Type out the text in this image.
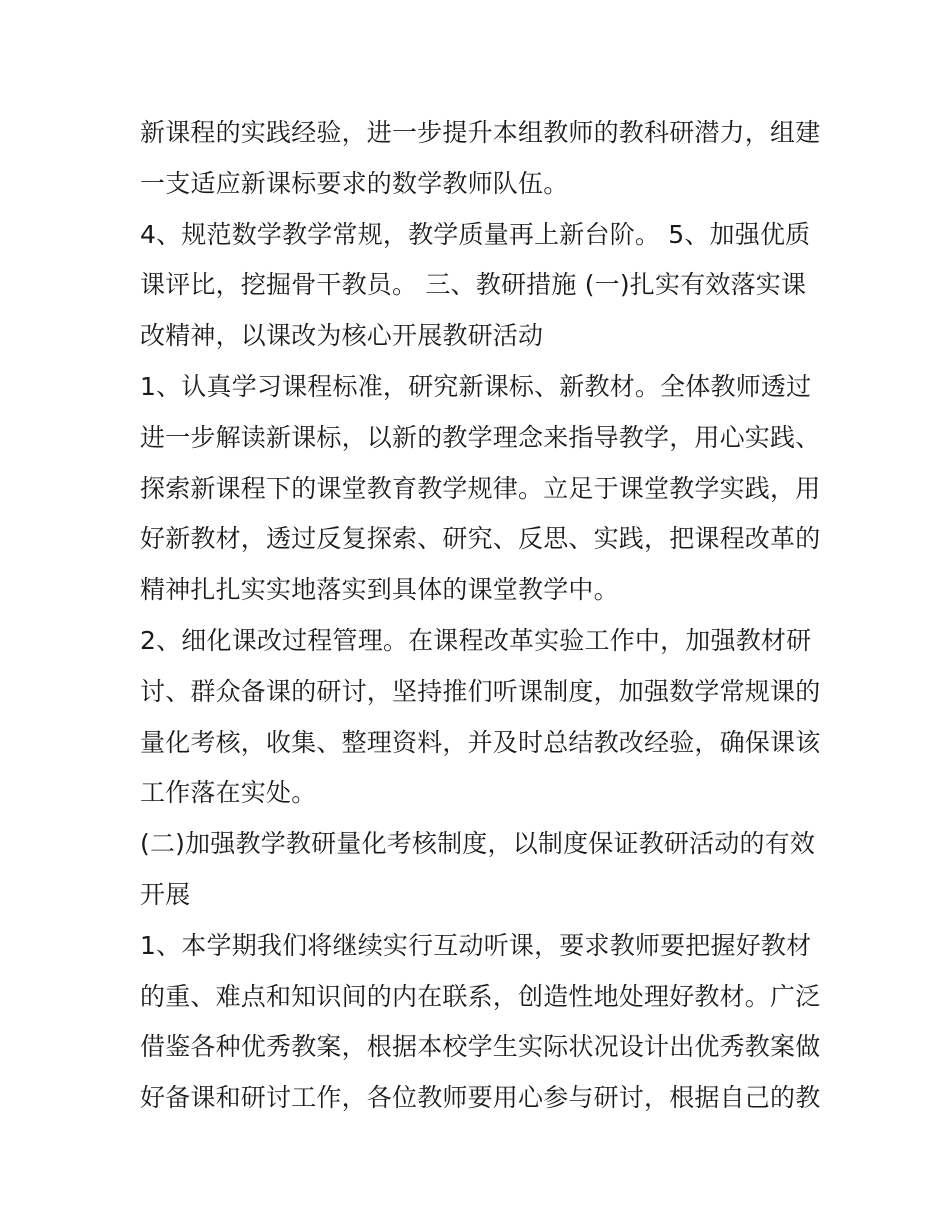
新课程的实践经验，进一步提升本组教师的教科研潜力，组建
一支适应新课标要求的数学教师队伍。
4、规范数学教学常规，教学质量再上新台阶。 5、加强优质
课评比，挖掘骨干教员。 三、教研措施 (一)扎实有效落实课
改精神，以课改为核心开展教研活动
1、认真学习课程标准，研究新课标、新教材。全体教师透过
进一步解读新课标，以新的教学理念来指导教学，用心实践、
探索新课程下的课堂教育教学规律。立足于课堂教学实践，用
好新教材，透过反复探索、研究、反思、实践，把课程改革的
精神扎扎实实地落实到具体的课堂教学中。
2、细化课改过程管理。在课程改革实验工作中，加强教材研
讨、群众备课的研讨，坚持推们听课制度，加强数学常规课的
量化考核，收集、整理资料，并及时总结教改经验，确保课该
工作落在实处。
(二)加强教学教研量化考核制度，以制度保证教研活动的有效
开展
1、本学期我们将继续实行互动听课，要求教师要把握好教材
的重、难点和知识间的内在联系，创造性地处理好教材。广泛
借鉴各种优秀教案，根据本校学生实际状况设计出优秀教案做
好备课和研讨工作，各位教师要用心参与研讨，根据自己的教
